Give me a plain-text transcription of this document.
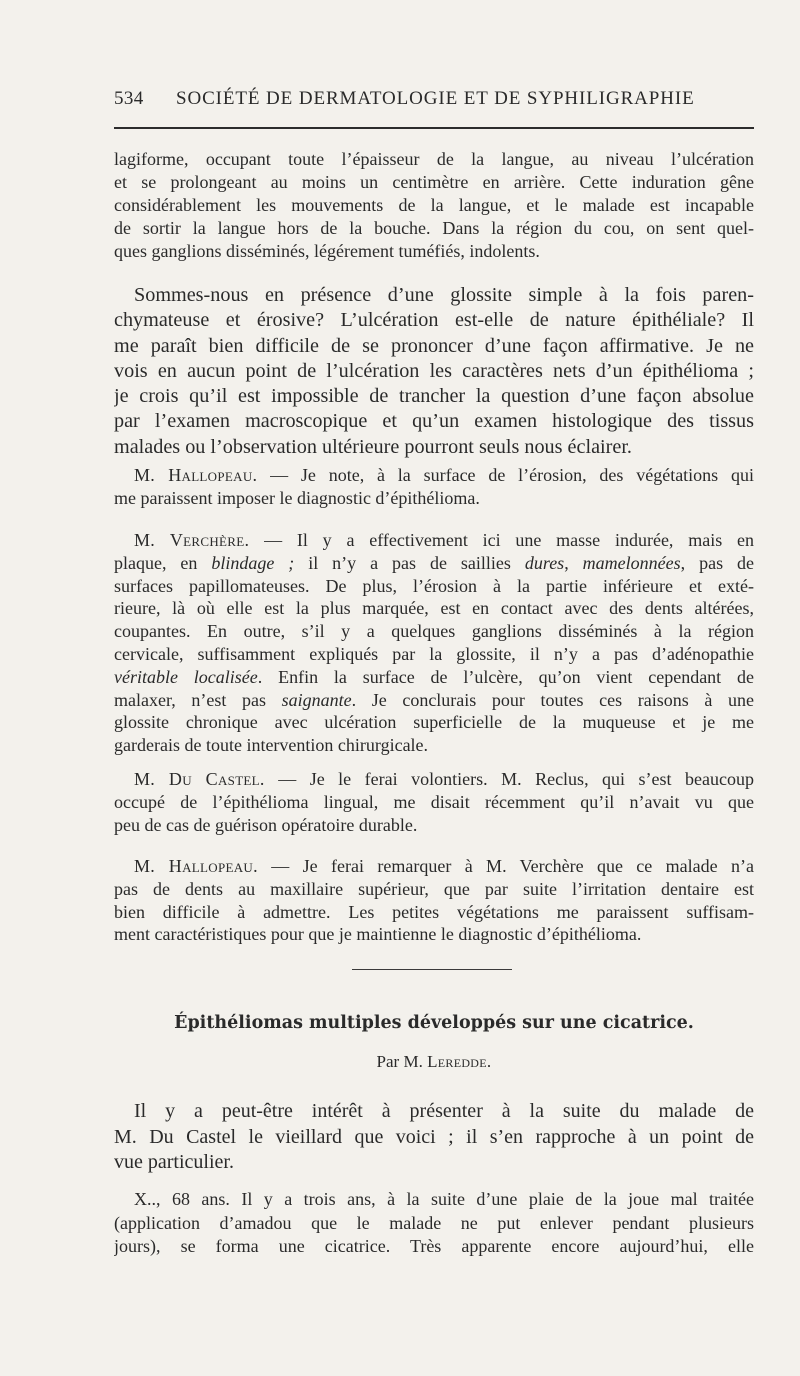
534 SOCIÉTÉ DE DERMATOLOGIE ET DE SYPHILIGRAPHIE

lagiforme, occupant toute l’épaisseur de la langue, au niveau l’ulcération
et se prolongeant au moins un centimètre en arrière. Cette induration gêne
considérablement les mouvements de la langue, et le malade est incapable
de sortir la langue hors de la bouche. Dans la région du cou, on sent quel-
ques ganglions disséminés, légérement tuméfiés, indolents.

Sommes-nous en présence d’une glossite simple à la fois paren-
chymateuse et érosive? L’ulcération est-elle de nature épithéliale? Il
me paraît bien difficile de se prononcer d’une façon affirmative. Je ne
vois en aucun point de l’ulcération les caractères nets d’un épithélioma ;
je crois qu’il est impossible de trancher la question d’une façon absolue
par l’examen macroscopique et qu’un examen histologique des tissus
malades ou l’observation ultérieure pourront seuls nous éclairer.

M. Hallopeau. — Je note, à la surface de l’érosion, des végétations qui
me paraissent imposer le diagnostic d’épithélioma.

M. Verchère. — Il y a effectivement ici une masse indurée, mais en
plaque, en blindage ; il n’y a pas de saillies dures, mamelonnées, pas de
surfaces papillomateuses. De plus, l’érosion à la partie inférieure et exté-
rieure, là où elle est la plus marquée, est en contact avec des dents altérées,
coupantes. En outre, s’il y a quelques ganglions disséminés à la région
cervicale, suffisamment expliqués par la glossite, il n’y a pas d’adénopathie
véritable localisée. Enfin la surface de l’ulcère, qu’on vient cependant de
malaxer, n’est pas saignante. Je conclurais pour toutes ces raisons à une
glossite chronique avec ulcération superficielle de la muqueuse et je me
garderais de toute intervention chirurgicale.

M. Du Castel. — Je le ferai volontiers. M. Reclus, qui s’est beaucoup
occupé de l’épithélioma lingual, me disait récemment qu’il n’avait vu que
peu de cas de guérison opératoire durable.

M. Hallopeau. — Je ferai remarquer à M. Verchère que ce malade n’a
pas de dents au maxillaire supérieur, que par suite l’irritation dentaire est
bien difficile à admettre. Les petites végétations me paraissent suffisam-
ment caractéristiques pour que je maintienne le diagnostic d’épithélioma.

Épithéliomas multiples développés sur une cicatrice.
Par M. Leredde.

Il y a peut-être intérêt à présenter à la suite du malade de
M. Du Castel le vieillard que voici ; il s’en rapproche à un point de
vue particulier.

X.., 68 ans. Il y a trois ans, à la suite d’une plaie de la joue mal traitée
(application d’amadou que le malade ne put enlever pendant plusieurs
jours), se forma une cicatrice. Très apparente encore aujourd’hui, elle
